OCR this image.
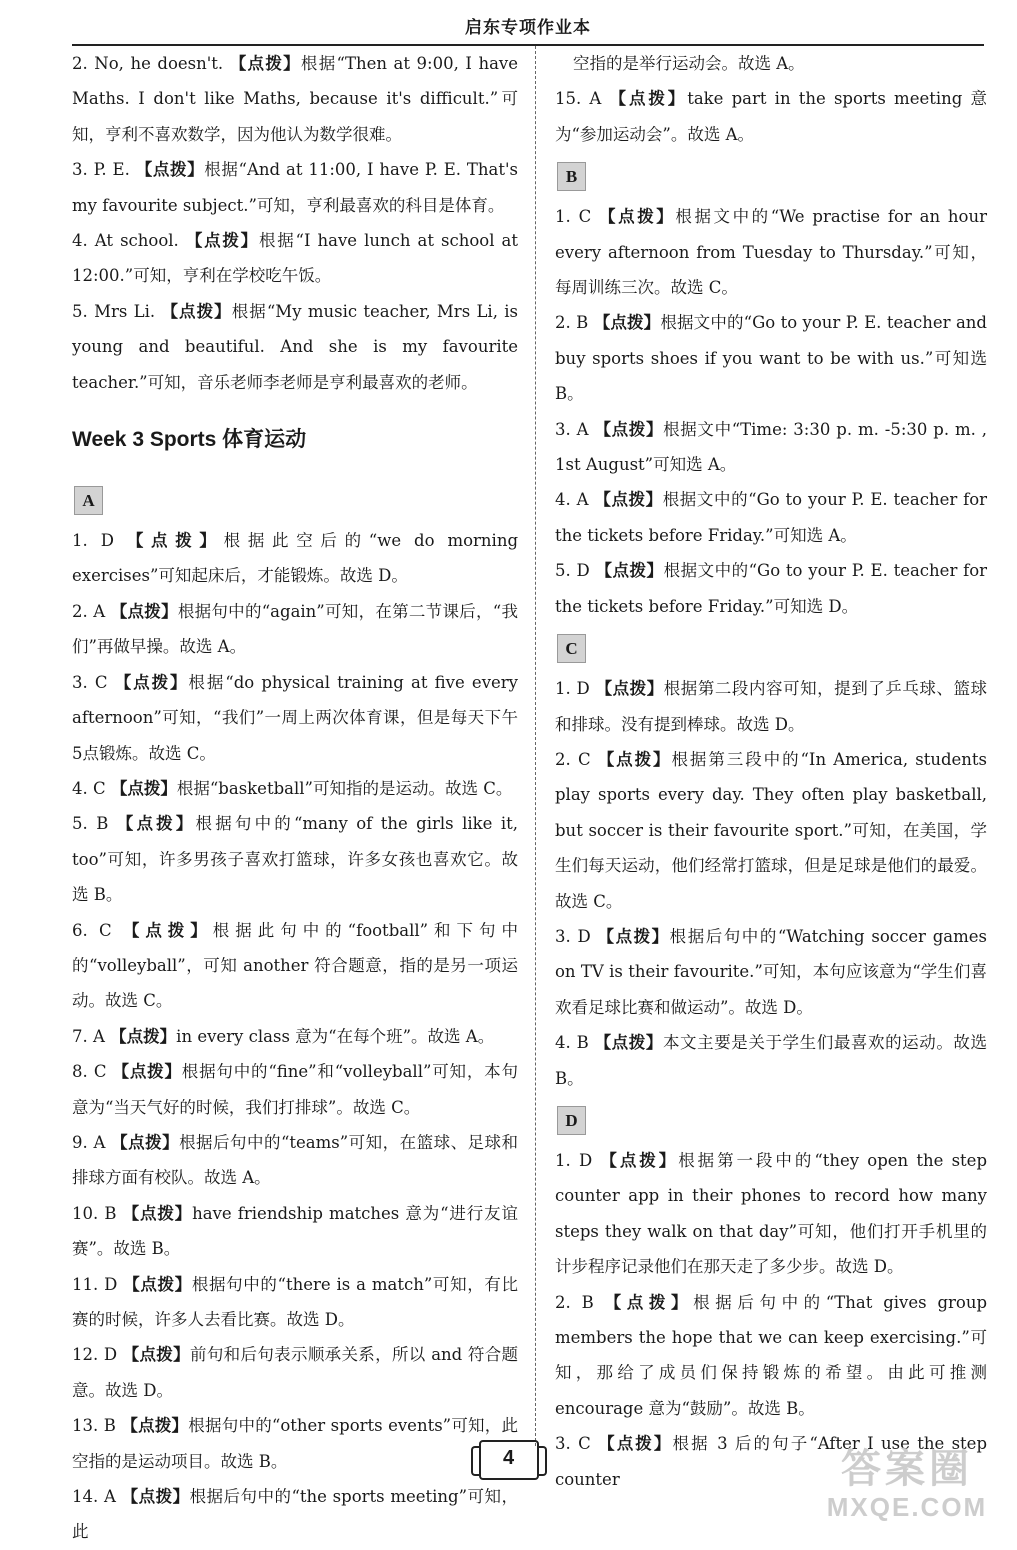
启东专项作业本

2. No, he doesn't. 【点拨】根据“Then at 9:00, I have Maths. I don't like Maths, because it's difficult.”可知，亨利不喜欢数学，因为他认为数学很难。

3. P. E. 【点拨】根据“And at 11:00, I have P. E. That's my favourite subject.”可知，亨利最喜欢的科目是体育。

4. At school. 【点拨】根据“I have lunch at school at 12:00.”可知，亨利在学校吃午饭。

5. Mrs Li. 【点拨】根据“My music teacher, Mrs Li, is young and beautiful. And she is my favourite teacher.”可知，音乐老师李老师是亨利最喜欢的老师。

Week 3 Sports 体育运动
A

1. D 【点拨】根据此空后的“we do morning exercises”可知起床后，才能锻炼。故选 D。

2. A 【点拨】根据句中的“again”可知，在第二节课后，“我们”再做早操。故选 A。

3. C 【点拨】根据“do physical training at five every afternoon”可知，“我们”一周上两次体育课，但是每天下午5点锻炼。故选 C。

4. C 【点拨】根据“basketball”可知指的是运动。故选 C。

5. B 【点拨】根据句中的“many of the girls like it, too”可知，许多男孩子喜欢打篮球，许多女孩也喜欢它。故选 B。

6. C 【点拨】根据此句中的“football”和下句中的“volleyball”，可知 another 符合题意，指的是另一项运动。故选 C。

7. A 【点拨】in every class 意为“在每个班”。故选 A。

8. C 【点拨】根据句中的“fine”和“volleyball”可知，本句意为“当天气好的时候，我们打排球”。故选 C。

9. A 【点拨】根据后句中的“teams”可知，在篮球、足球和排球方面有校队。故选 A。

10. B 【点拨】have friendship matches 意为“进行友谊赛”。故选 B。

11. D 【点拨】根据句中的“there is a match”可知，有比赛的时候，许多人去看比赛。故选 D。

12. D 【点拨】前句和后句表示顺承关系，所以 and 符合题意。故选 D。

13. B 【点拨】根据句中的“other sports events”可知，此空指的是运动项目。故选 B。

14. A 【点拨】根据后句中的“the sports meeting”可知，此

空指的是举行运动会。故选 A。

15. A 【点拨】take part in the sports meeting 意为“参加运动会”。故选 A。

B

1. C 【点拨】根据文中的“We practise for an hour every afternoon from Tuesday to Thursday.”可知，每周训练三次。故选 C。

2. B 【点拨】根据文中的“Go to your P. E. teacher and buy sports shoes if you want to be with us.”可知选 B。

3. A 【点拨】根据文中“Time: 3:30 p. m. -5:30 p. m. , 1st August”可知选 A。

4. A 【点拨】根据文中的“Go to your P. E. teacher for the tickets before Friday.”可知选 A。

5. D 【点拨】根据文中的“Go to your P. E. teacher for the tickets before Friday.”可知选 D。

C

1. D 【点拨】根据第二段内容可知，提到了乒乓球、篮球和排球。没有提到棒球。故选 D。

2. C 【点拨】根据第三段中的“In America, students play sports every day. They often play basketball, but soccer is their favourite sport.”可知，在美国，学生们每天运动，他们经常打篮球，但是足球是他们的最爱。故选 C。

3. D 【点拨】根据后句中的“Watching soccer games on TV is their favourite.”可知，本句应该意为“学生们喜欢看足球比赛和做运动”。故选 D。

4. B 【点拨】本文主要是关于学生们最喜欢的运动。故选 B。

D

1. D 【点拨】根据第一段中的“they open the step counter app in their phones to record how many steps they walk on that day”可知，他们打开手机里的计步程序记录他们在那天走了多少步。故选 D。

2. B 【点拨】根据后句中的“That gives group members the hope that we can keep exercising.”可知，那给了成员们保持锻炼的希望。由此可推测 encourage 意为“鼓励”。故选 B。

3. C 【点拨】根据 3 后的句子“After I use the step counter

4	答案圈
MXQE.COM
